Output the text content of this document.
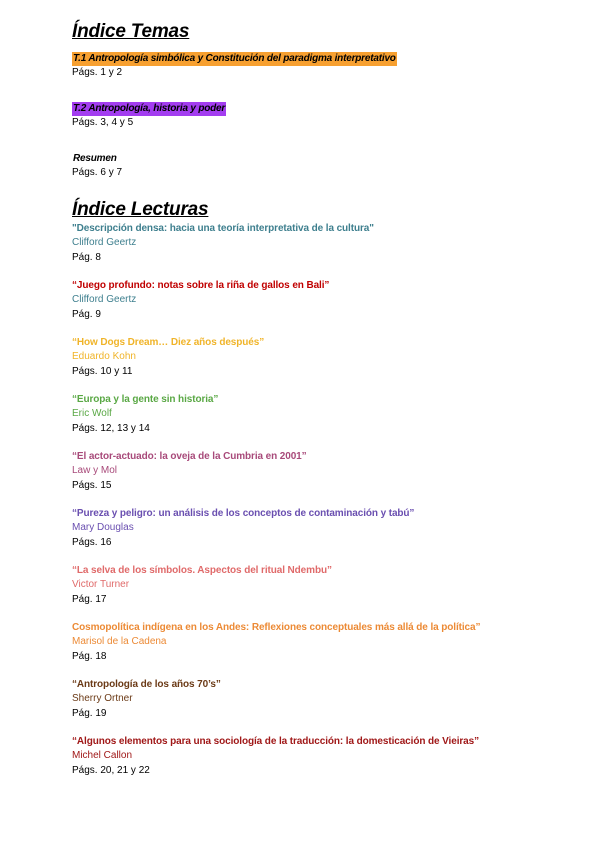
Índice Temas
T.1 Antropología simbólica y Constitución del paradigma interpretativo
Págs. 1 y 2
T.2 Antropología, historia y poder
Págs. 3, 4 y 5
Resumen
Págs. 6 y 7
Índice Lecturas
"Descripción densa: hacia una teoría interpretativa de la cultura"
Clifford Geertz
Pág. 8
“Juego profundo: notas sobre la riña de gallos en Bali”
Clifford Geertz
Pág. 9
“How Dogs Dream… Diez años después”
Eduardo Kohn
Págs. 10 y 11
“Europa y la gente sin historia”
Eric Wolf
Págs. 12, 13 y 14
“El actor-actuado: la oveja de la Cumbria en 2001”
Law y Mol
Págs. 15
“Pureza y peligro: un análisis de los conceptos de contaminación y tabú”
Mary Douglas
Págs. 16
“La selva de los símbolos. Aspectos del ritual Ndembu”
Victor Turner
Pág. 17
Cosmopolítica indígena en los Andes: Reflexiones conceptuales más allá de la política”
Marisol de la Cadena
Pág. 18
“Antropología de los años 70’s”
Sherry Ortner
Pág. 19
“Algunos elementos para una sociología de la traducción: la domesticación de Vieiras”
Michel Callon
Págs. 20, 21 y 22
